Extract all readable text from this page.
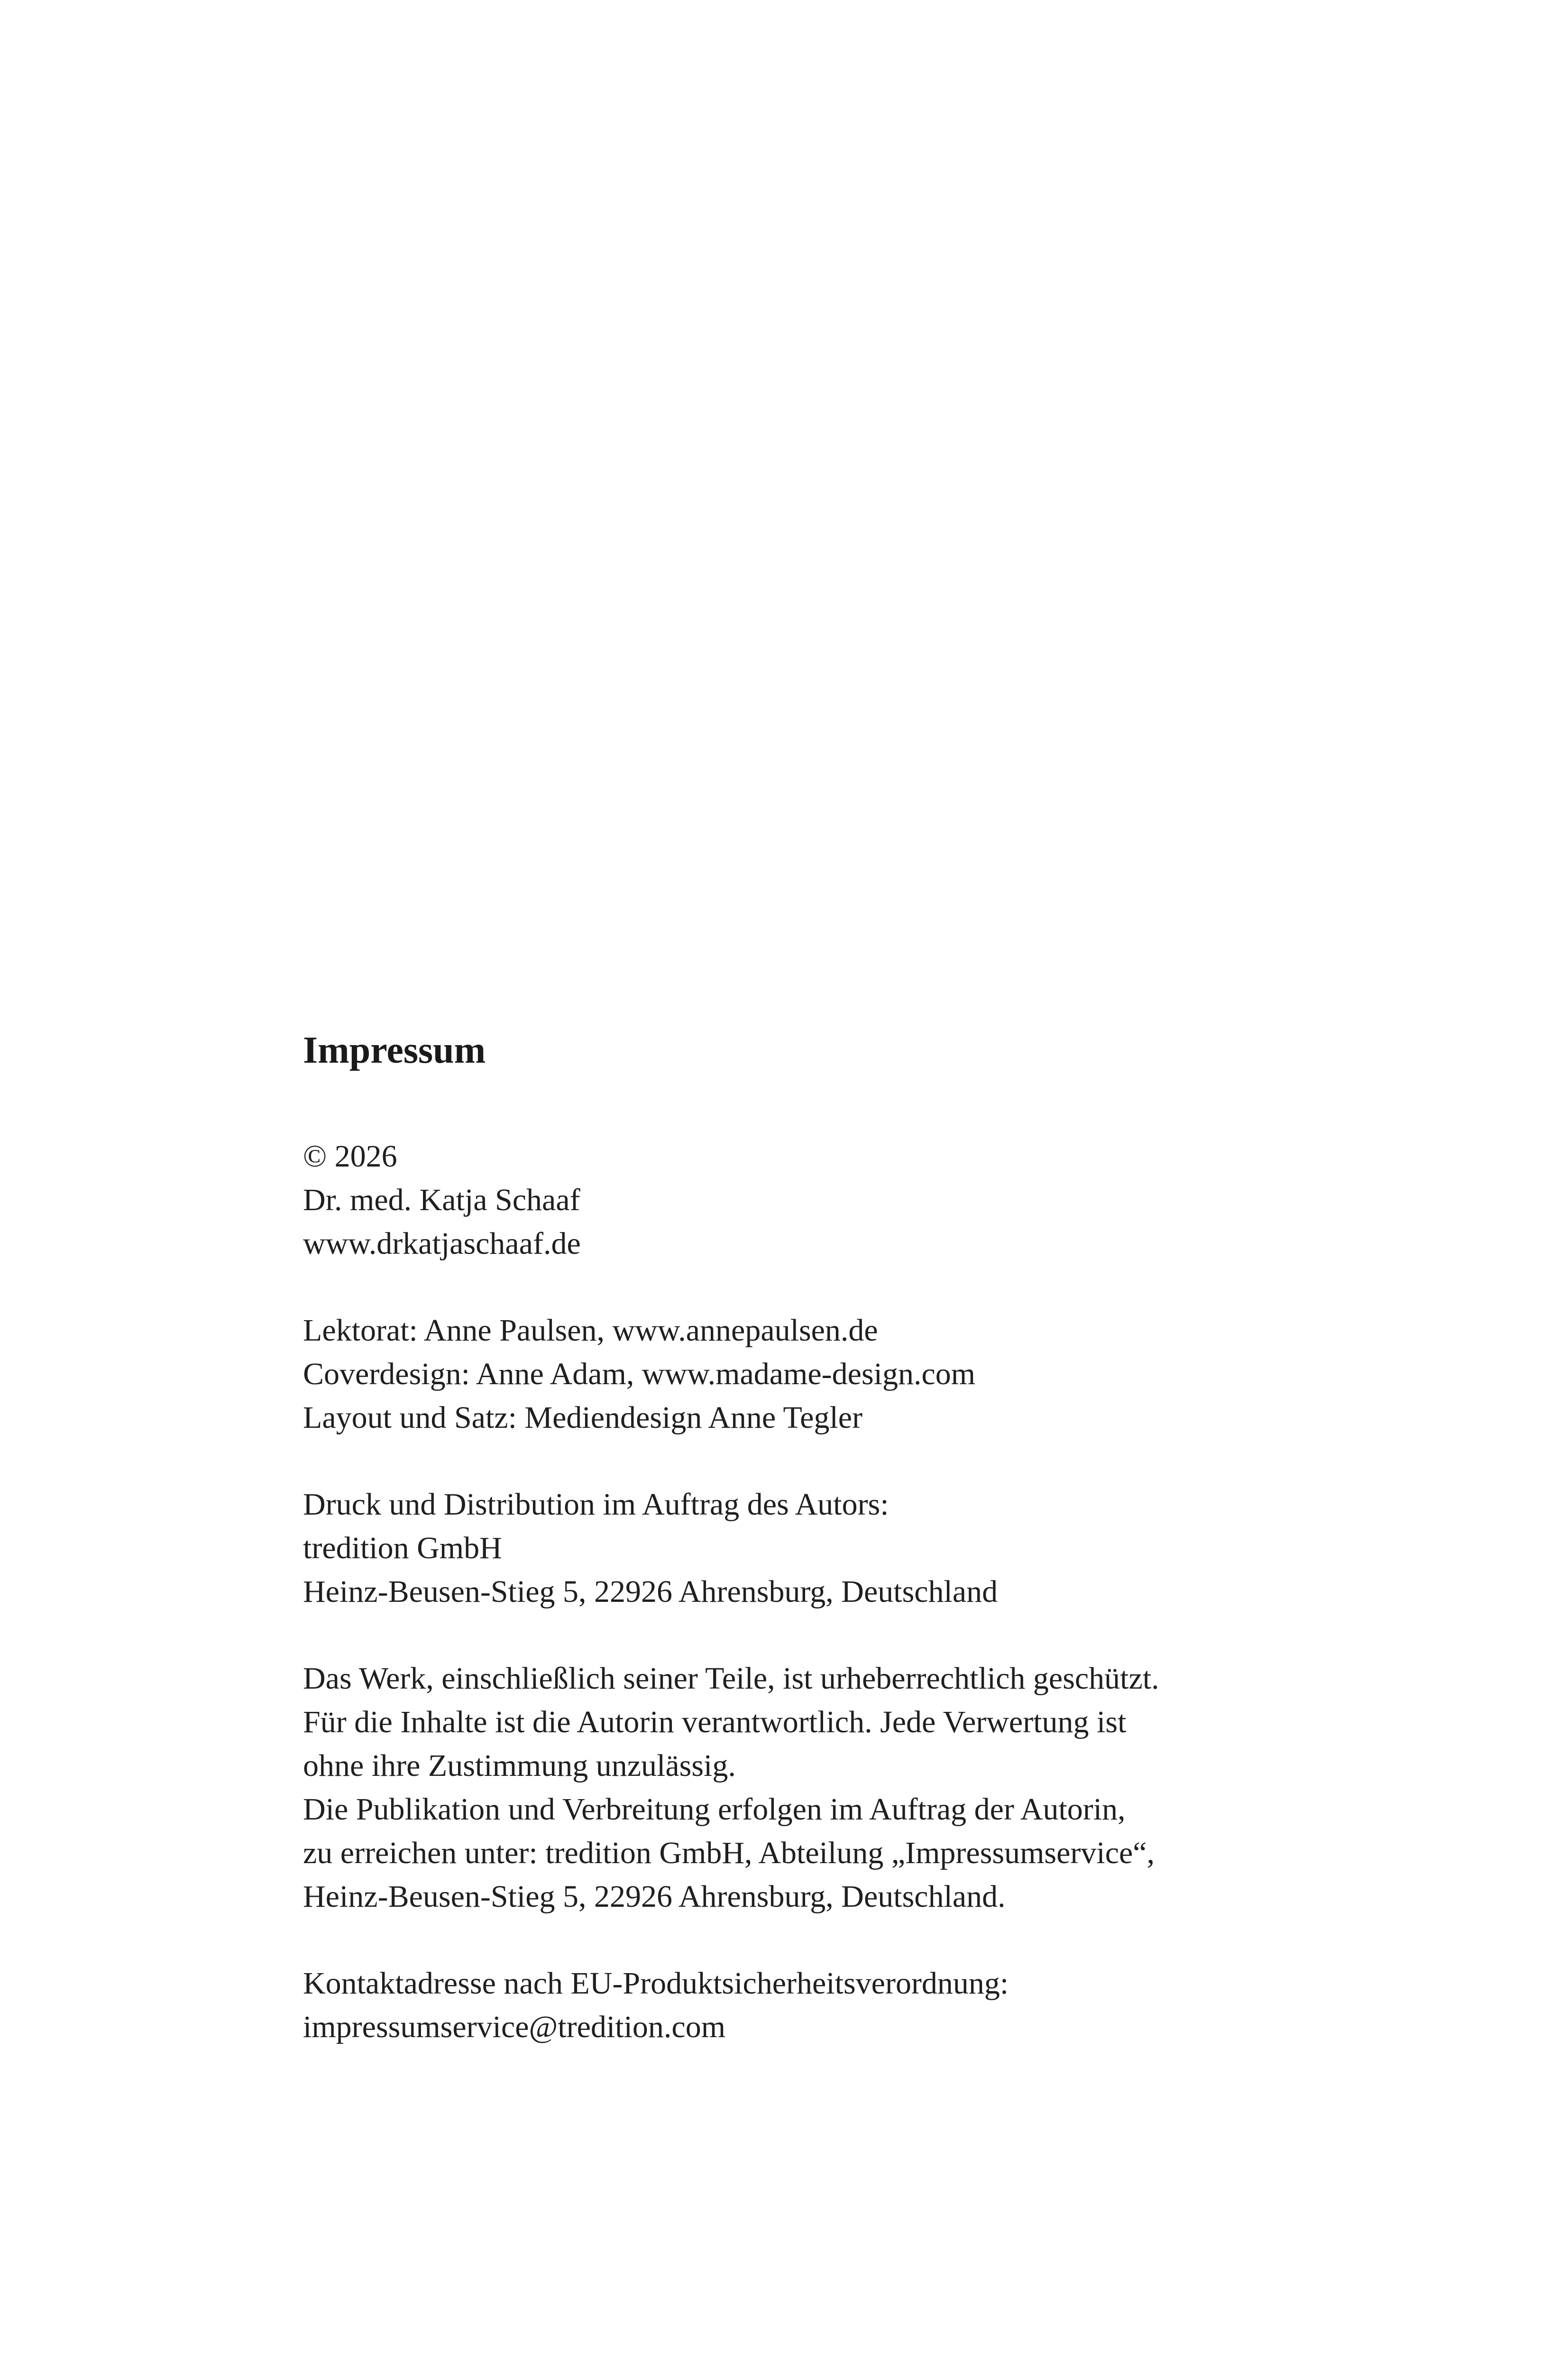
Impressum
© 2026
Dr. med. Katja Schaaf
www.drkatjaschaaf.de
Lektorat: Anne Paulsen, www.annepaulsen.de
Coverdesign: Anne Adam, www.madame-design.com
Layout und Satz: Mediendesign Anne Tegler
Druck und Distribution im Auftrag des Autors:
tredition GmbH
Heinz-Beusen-Stieg 5, 22926 Ahrensburg, Deutschland
Das Werk, einschließlich seiner Teile, ist urheberrechtlich geschützt.
Für die Inhalte ist die Autorin verantwortlich. Jede Verwertung ist
ohne ihre Zustimmung unzulässig.
Die Publikation und Verbreitung erfolgen im Auftrag der Autorin,
zu erreichen unter: tredition GmbH, Abteilung „Impressumservice“,
Heinz-Beusen-Stieg 5, 22926 Ahrensburg, Deutschland.
Kontaktadresse nach EU-Produktsicherheitsverordnung:
impressumservice@tredition.com
